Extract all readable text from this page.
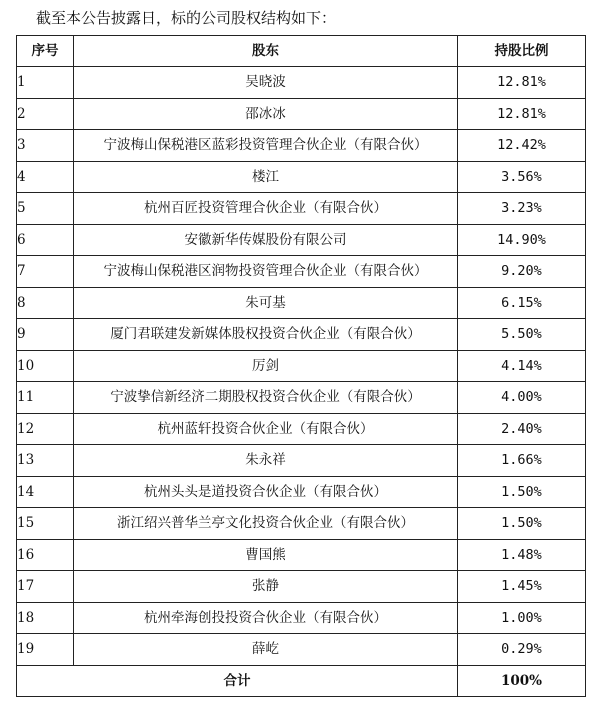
截至本公告披露日，标的公司股权结构如下：
序号	股东	持股比例
1	吴晓波	12.81%
2	邵冰冰	12.81%
3	宁波梅山保税港区蓝彩投资管理合伙企业（有限合伙）	12.42%
4	楼江	3.56%
5	杭州百匠投资管理合伙企业（有限合伙）	3.23%
6	安徽新华传媒股份有限公司	14.90%
7	宁波梅山保税港区润物投资管理合伙企业（有限合伙）	9.20%
8	朱可基	6.15%
9	厦门君联建发新媒体股权投资合伙企业（有限合伙）	5.50%
10	厉剑	4.14%
11	宁波挚信新经济二期股权投资合伙企业（有限合伙）	4.00%
12	杭州蓝轩投资合伙企业（有限合伙）	2.40%
13	朱永祥	1.66%
14	杭州头头是道投资合伙企业（有限合伙）	1.50%
15	浙江绍兴普华兰亭文化投资合伙企业（有限合伙）	1.50%
16	曹国熊	1.48%
17	张静	1.45%
18	杭州牵海创投投资合伙企业（有限合伙）	1.00%
19	薛屹	0.29%
合计		100%
